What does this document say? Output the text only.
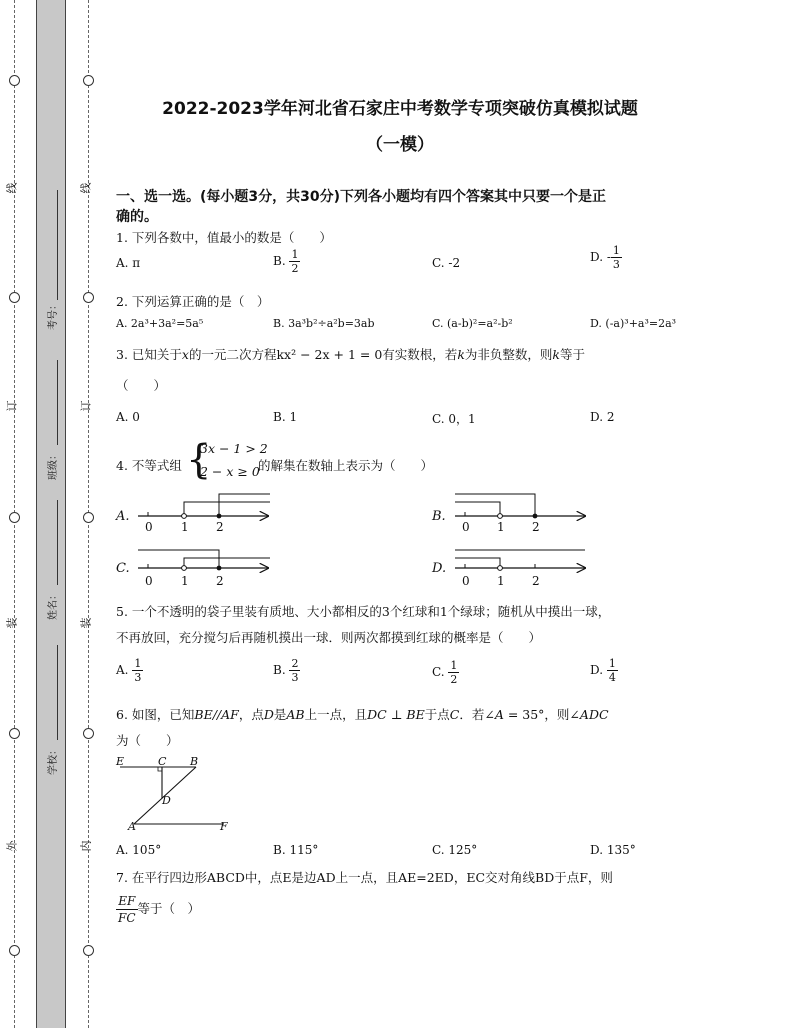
线
订
装
外
线
订
装
内
考号：
班级：
姓名：
学校：
2022-2023学年河北省石家庄中考数学专项突破仿真模拟试题
（一模）
一、选一选。(每小题3分，共30分)下列各小题均有四个答案其中只要一个是正
确的。
1. 下列各数中，值最小的数是（　　）
A. π	B. $\frac{1}{2}$	C. -2	D. - $\frac{1}{3}$
2. 下列运算正确的是（　）
A. 2a³+3a²=5a⁵	B. 3a³b²÷a²b=3ab	C. (a-b)²=a²-b²	D. (-a)³+a³=2a³
3. 已知关于x的一元二次方程kx² − 2x + 1 = 0有实数根，若k为非负整数，则k等于
（　　）
A. 0	B. 1	C. 0，1	D. 2
4. 不等式组 {
3x − 1 > 2
2 − x ≥ 0
的解集在数轴上表示为（　　）
A.	B.
C.	D.
0 1 2	0 1 2
0 1 2	0 1 2
5. 一个不透明的袋子里装有质地、大小都相反的3个红球和1个绿球；随机从中摸出一球，
不再放回，充分搅匀后再随机摸出一球．则两次都摸到红球的概率是（　　）
A. $\frac{1}{3}$	B. $\frac{2}{3}$	C. $\frac{1}{2}$	D. $\frac{1}{4}$
6. 如图，已知BE//AF，点D是AB上一点，且DC ⊥ BE于点C．若∠A = 35°，则∠ADC
为（　　）
E	C B
D
A	F
A. 105°	B. 115°	C. 125°	D. 135°
7. 在平行四边形ABCD中，点E是边AD上一点，且AE=2ED，EC交对角线BD于点F，则
$\frac{EF}{FC}$ 等于（　）
